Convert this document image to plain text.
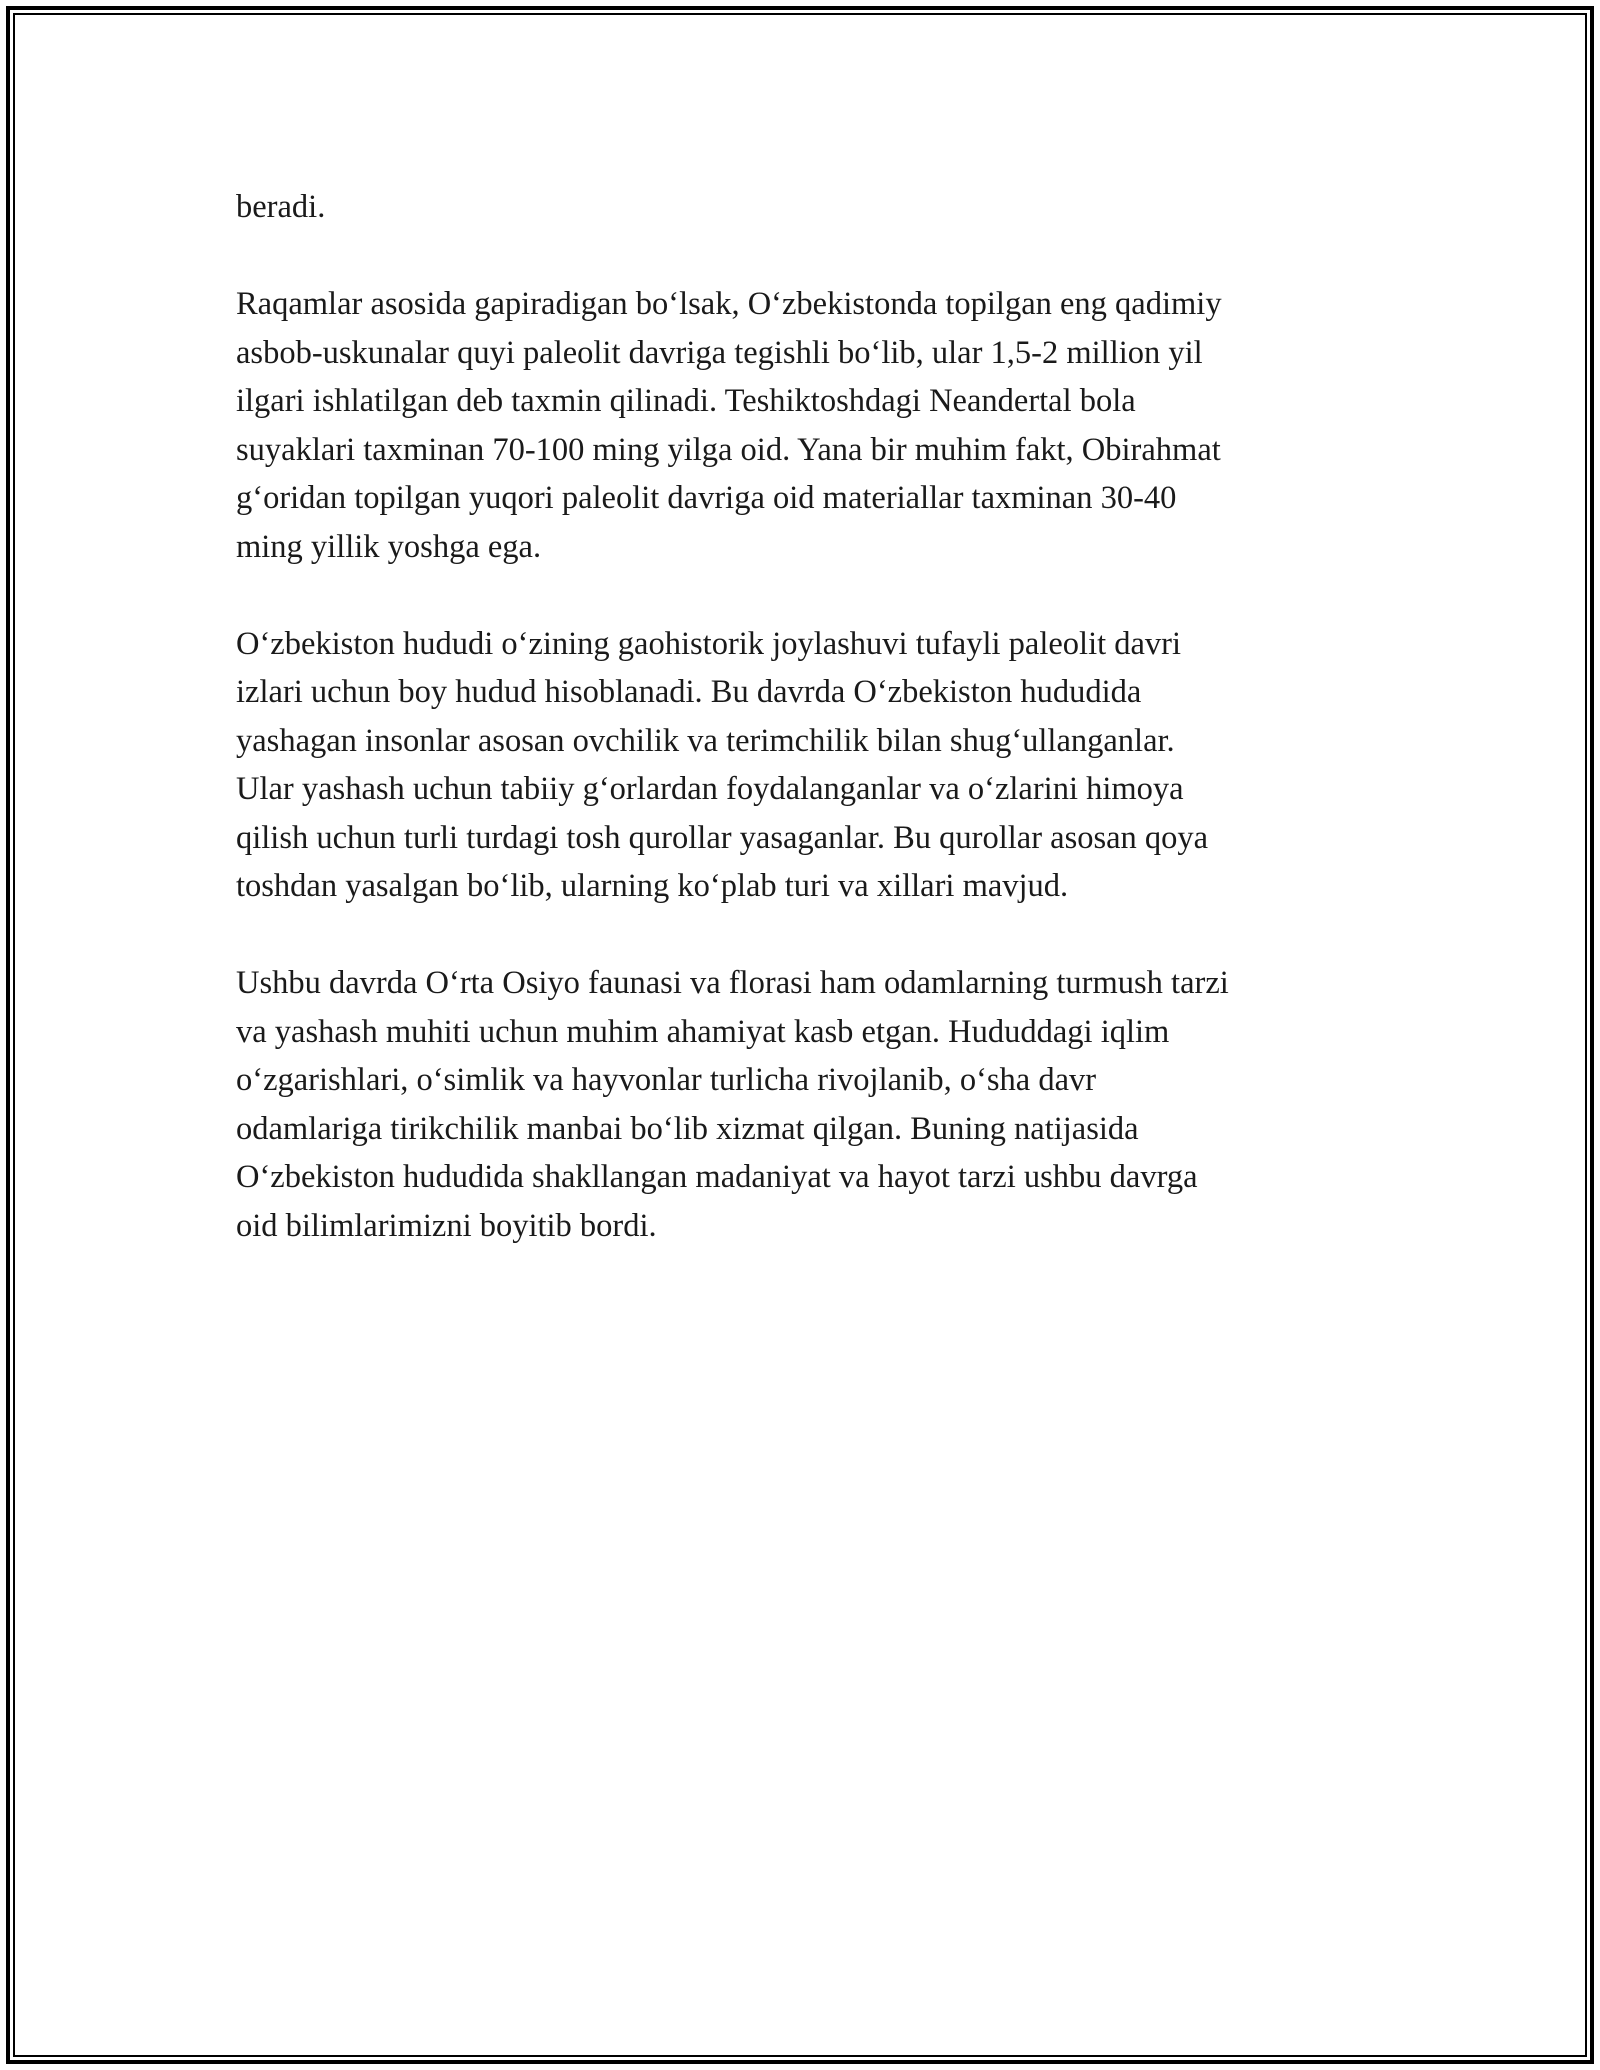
beradi.

Raqamlar asosida gapiradigan bo‘lsak, O‘zbekistonda topilgan eng qadimiy
asbob-uskunalar quyi paleolit davriga tegishli bo‘lib, ular 1,5-2 million yil
ilgari ishlatilgan deb taxmin qilinadi. Teshiktoshdagi Neandertal bola
suyaklari taxminan 70-100 ming yilga oid. Yana bir muhim fakt, Obirahmat
g‘oridan topilgan yuqori paleolit davriga oid materiallar taxminan 30-40
ming yillik yoshga ega.

O‘zbekiston hududi o‘zining gaohistorik joylashuvi tufayli paleolit davri
izlari uchun boy hudud hisoblanadi. Bu davrda O‘zbekiston hududida
yashagan insonlar asosan ovchilik va terimchilik bilan shug‘ullanganlar.
Ular yashash uchun tabiiy g‘orlardan foydalanganlar va o‘zlarini himoya
qilish uchun turli turdagi tosh qurollar yasaganlar. Bu qurollar asosan qoya
toshdan yasalgan bo‘lib, ularning ko‘plab turi va xillari mavjud.

Ushbu davrda O‘rta Osiyo faunasi va florasi ham odamlarning turmush tarzi
va yashash muhiti uchun muhim ahamiyat kasb etgan. Hududdagi iqlim
o‘zgarishlari, o‘simlik va hayvonlar turlicha rivojlanib, o‘sha davr
odamlariga tirikchilik manbai bo‘lib xizmat qilgan. Buning natijasida
O‘zbekiston hududida shakllangan madaniyat va hayot tarzi ushbu davrga
oid bilimlarimizni boyitib bordi.
